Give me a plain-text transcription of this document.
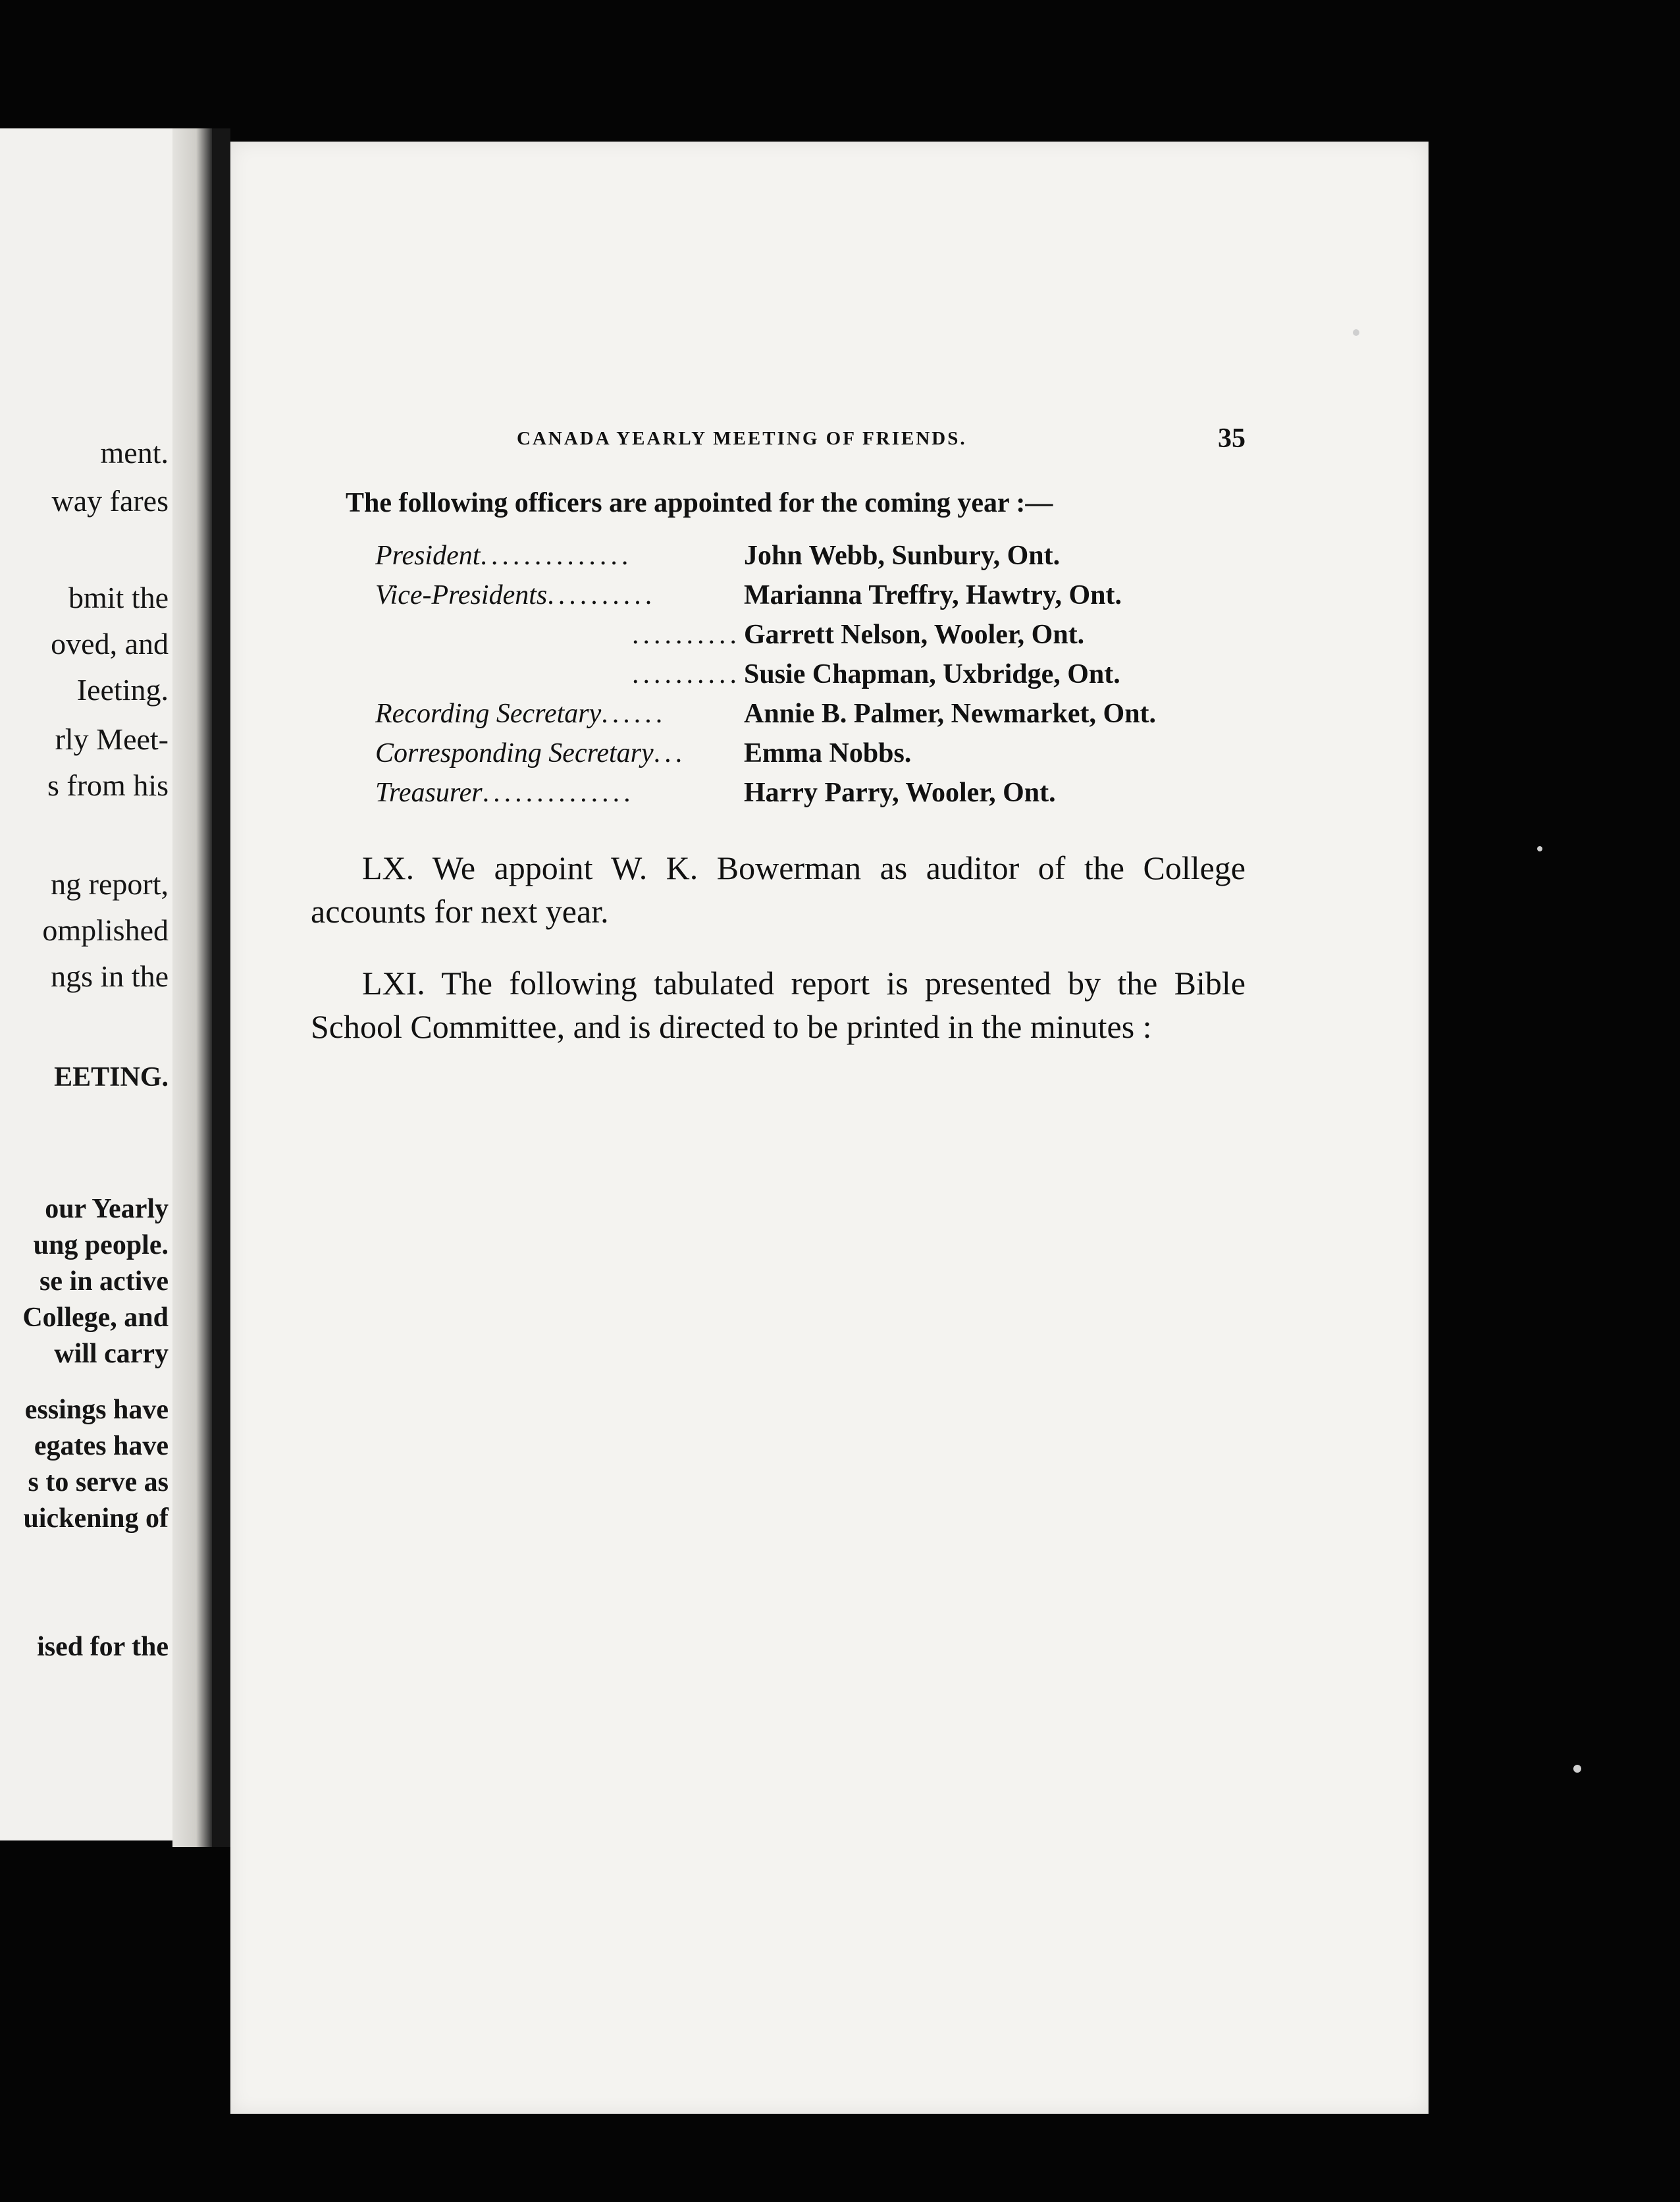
ment.
way fares
bmit the
oved, and
Ieeting.
rly Meet-
s from his
ng report,
omplished
ngs in the
EETING.
our Yearly
ung people.
se in active
College, and
will carry
essings have
egates have
s to serve as
uickening of
ised for the
CANADA YEARLY MEETING OF FRIENDS.	35
The following officers are appointed for the coming year :—
President..............	John Webb, Sunbury, Ont.
Vice-Presidents..........	Marianna Treffry, Hawtry, Ont.
.......... Garrett Nelson, Wooler, Ont.
.......... Susie Chapman, Uxbridge, Ont.
Recording Secretary......	Annie B. Palmer, Newmarket, Ont.
Corresponding Secretary...	Emma Nobbs.
Treasurer..............	Harry Parry, Wooler, Ont.
LX. We appoint W. K. Bowerman as auditor of the College accounts for next year.
LXI. The following tabulated report is presented by the Bible School Committee, and is directed to be printed in the minutes :
